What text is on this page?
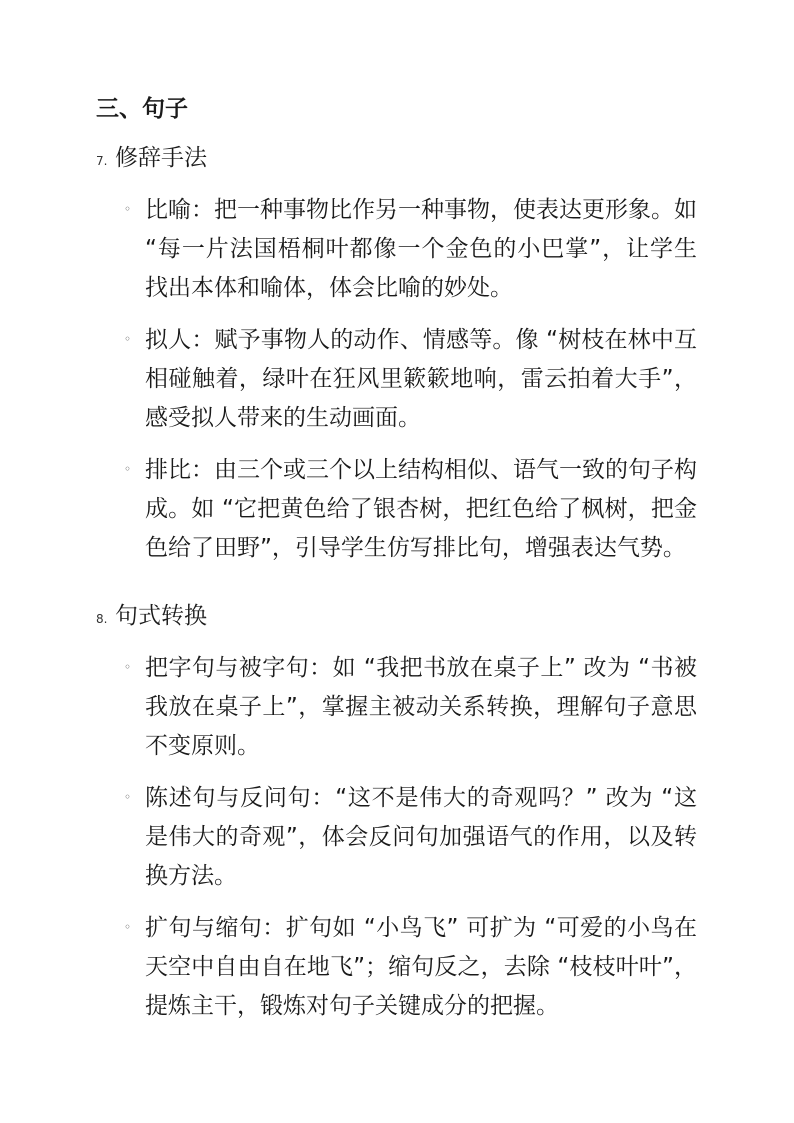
三、句子
7. 修辞手法
◦ 比喻：把一种事物比作另一种事物，使表达更形象。如 “每一片法国梧桐叶都像一个金色的小巴掌”，让学生找出本体和喻体，体会比喻的妙处。
◦ 拟人：赋予事物人的动作、情感等。像 “树枝在林中互相碰触着，绿叶在狂风里簌簌地响，雷云拍着大手”，感受拟人带来的生动画面。
◦ 排比：由三个或三个以上结构相似、语气一致的句子构成。如 “它把黄色给了银杏树，把红色给了枫树，把金色给了田野”，引导学生仿写排比句，增强表达气势。
8. 句式转换
◦ 把字句与被字句：如 “我把书放在桌子上” 改为 “书被我放在桌子上”，掌握主被动关系转换，理解句子意思不变原则。
◦ 陈述句与反问句：“这不是伟大的奇观吗？” 改为 “这是伟大的奇观”，体会反问句加强语气的作用，以及转换方法。
◦ 扩句与缩句：扩句如 “小鸟飞” 可扩为 “可爱的小鸟在天空中自由自在地飞”；缩句反之，去除 “枝枝叶叶”，提炼主干，锻炼对句子关键成分的把握。
